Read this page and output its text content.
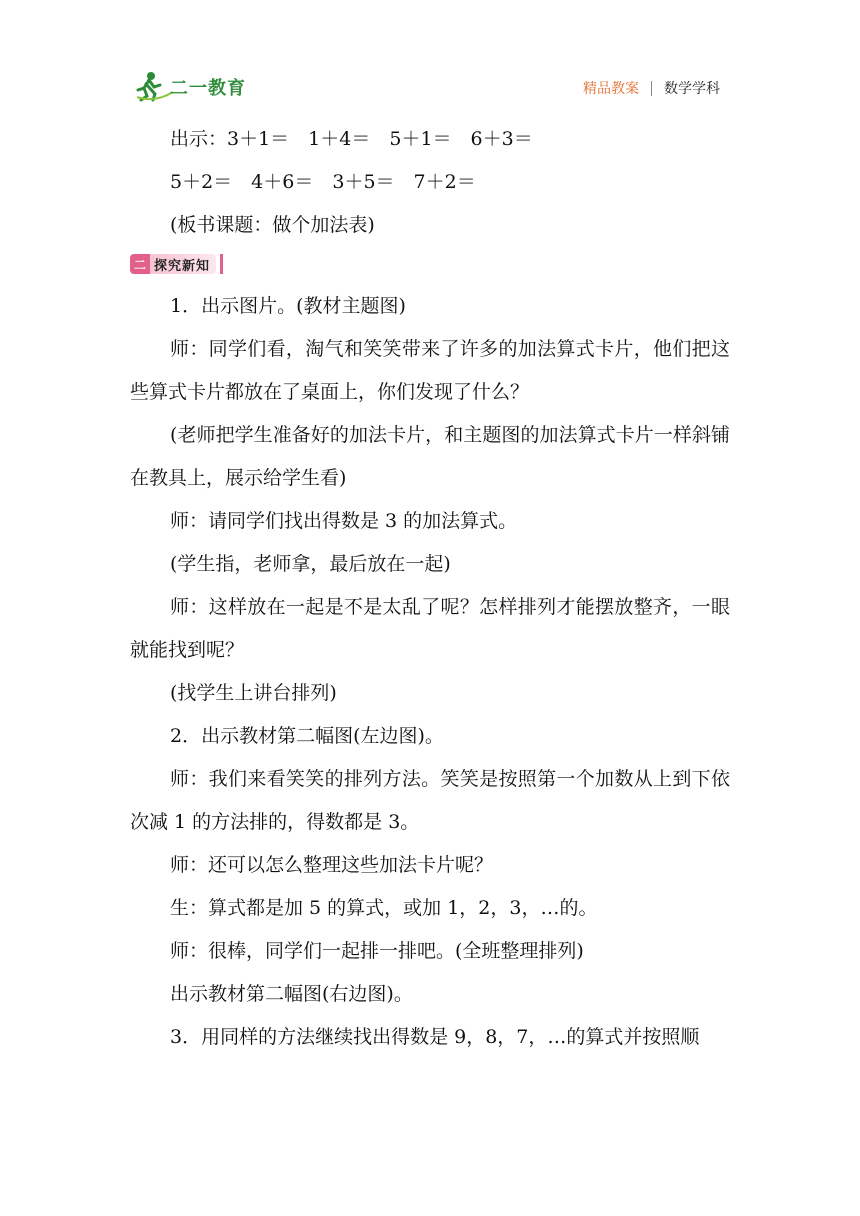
二一教育	精品教案 数学学科
出示：3＋1＝　1＋4＝　5＋1＝　6＋3＝
5＋2＝　4＋6＝　3＋5＝　7＋2＝
(板书课题：做个加法表)
二 探究新知
1．出示图片。(教材主题图)
师：同学们看，淘气和笑笑带来了许多的加法算式卡片，他们把这些算式卡片都放在了桌面上，你们发现了什么？
(老师把学生准备好的加法卡片，和主题图的加法算式卡片一样斜铺在教具上，展示给学生看)
师：请同学们找出得数是 3 的加法算式。
(学生指，老师拿，最后放在一起)
师：这样放在一起是不是太乱了呢？怎样排列才能摆放整齐，一眼就能找到呢？
(找学生上讲台排列)
2．出示教材第二幅图(左边图)。
师：我们来看笑笑的排列方法。笑笑是按照第一个加数从上到下依次减 1 的方法排的，得数都是 3。
师：还可以怎么整理这些加法卡片呢？
生：算式都是加 5 的算式，或加 1，2，3，…的。
师：很棒，同学们一起排一排吧。(全班整理排列)
出示教材第二幅图(右边图)。
3．用同样的方法继续找出得数是 9，8，7，…的算式并按照顺
